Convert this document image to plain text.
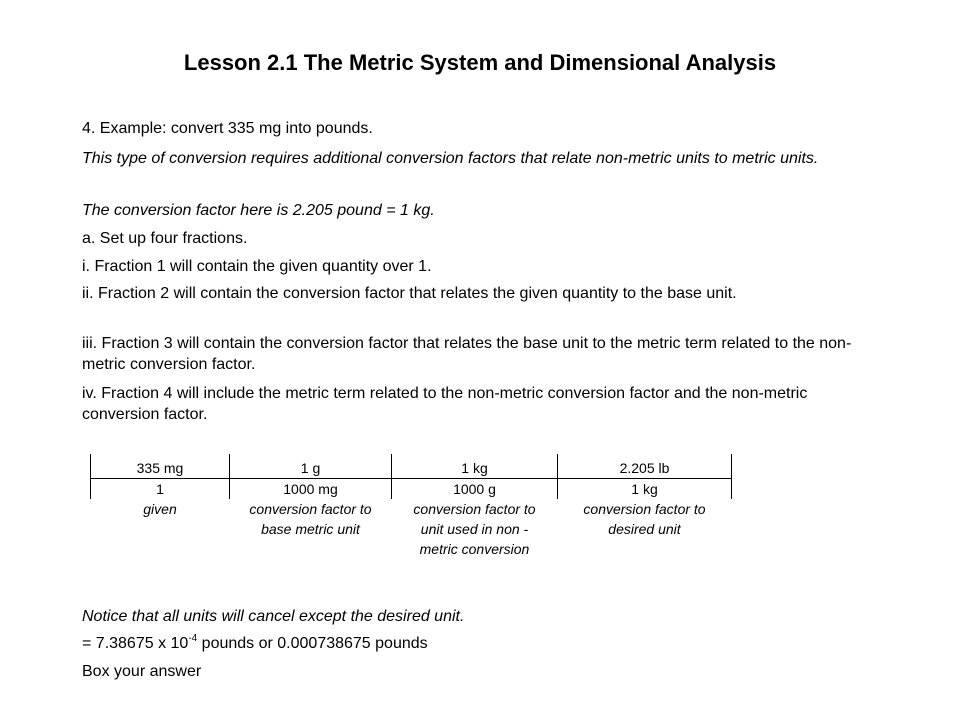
Lesson 2.1 The Metric System and Dimensional Analysis

4. Example: convert 335 mg into pounds.

This type of conversion requires additional conversion factors that relate non-metric units to metric units.

The conversion factor here is 2.205 pound = 1 kg.

a. Set up four fractions.

i. Fraction 1 will contain the given quantity over 1.

ii. Fraction 2 will contain the conversion factor that relates the given quantity to the base unit.

iii. Fraction 3 will contain the conversion factor that relates the base unit to the metric term related to the non-metric conversion factor.

iv. Fraction 4 will include the metric term related to the non-metric conversion factor and the non-metric conversion factor.

335 mg	1 g	1 kg	2.205 lb
1	1000 mg	1000 g	1 kg
given	conversion factor to base metric unit	conversion factor to unit used in non - metric conversion	conversion factor to desired unit

Notice that all units will cancel except the desired unit.

= 7.38675 x $10^{-4}$ pounds or 0.000738675 pounds

Box your answer
